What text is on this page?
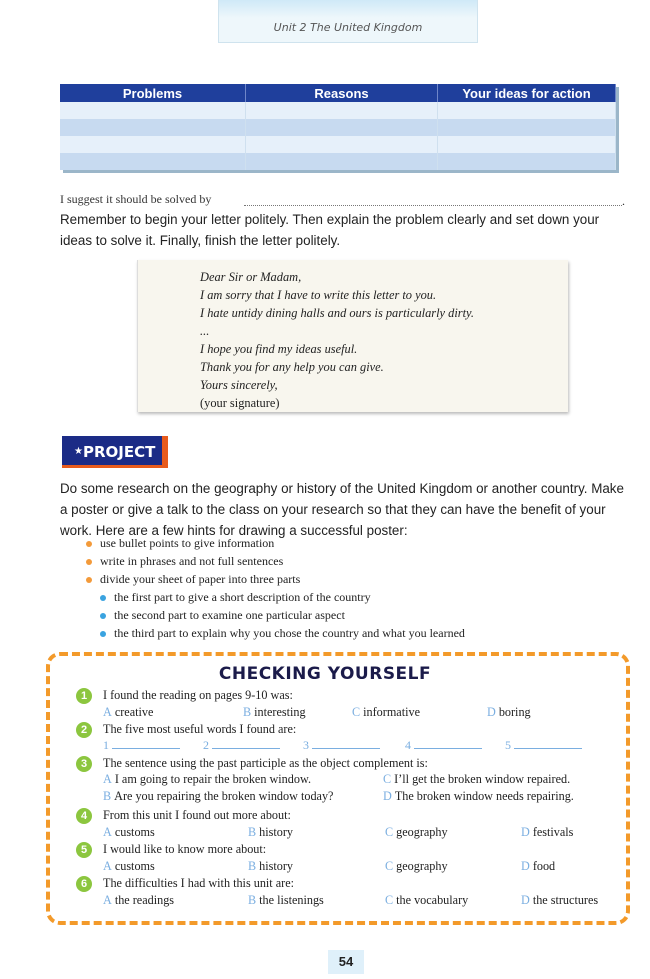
Unit 2 The United Kingdom
Problems	Reasons	Your ideas for action

I suggest it should be solved by	.
Remember to begin your letter politely. Then explain the problem clearly and set down your ideas to solve it. Finally, finish the letter politely.
Dear Sir or Madam,
I am sorry that I have to write this letter to you.
I hate untidy dining halls and ours is particularly dirty.
...
I hope you find my ideas useful.
Thank you for any help you can give.
Yours sincerely,
(your signature)
★PROJECT
Do some research on the geography or history of the United Kingdom or another country. Make a poster or give a talk to the class on your research so that they can have the benefit of your work. Here are a few hints for drawing a successful poster:
use bullet points to give information
write in phrases and not full sentences
divide your sheet of paper into three parts
the first part to give a short description of the country
the second part to examine one particular aspect
the third part to explain why you chose the country and what you learned
CHECKING YOURSELF
1	I found the reading on pages 9-10 was:
A creative	B interesting	C informative	D boring
2	The five most useful words I found are:
1	2	3	4	5
3	The sentence using the past participle as the object complement is:
A I am going to repair the broken window.	C I’ll get the broken window repaired.
B Are you repairing the broken window today?	D The broken window needs repairing.
4	From this unit I found out more about:
A customs	B history	C geography	D festivals
5	I would like to know more about:
A customs	B history	C geography	D food
6	The difficulties I had with this unit are:
A the readings	B the listenings	C the vocabulary	D the structures
54
